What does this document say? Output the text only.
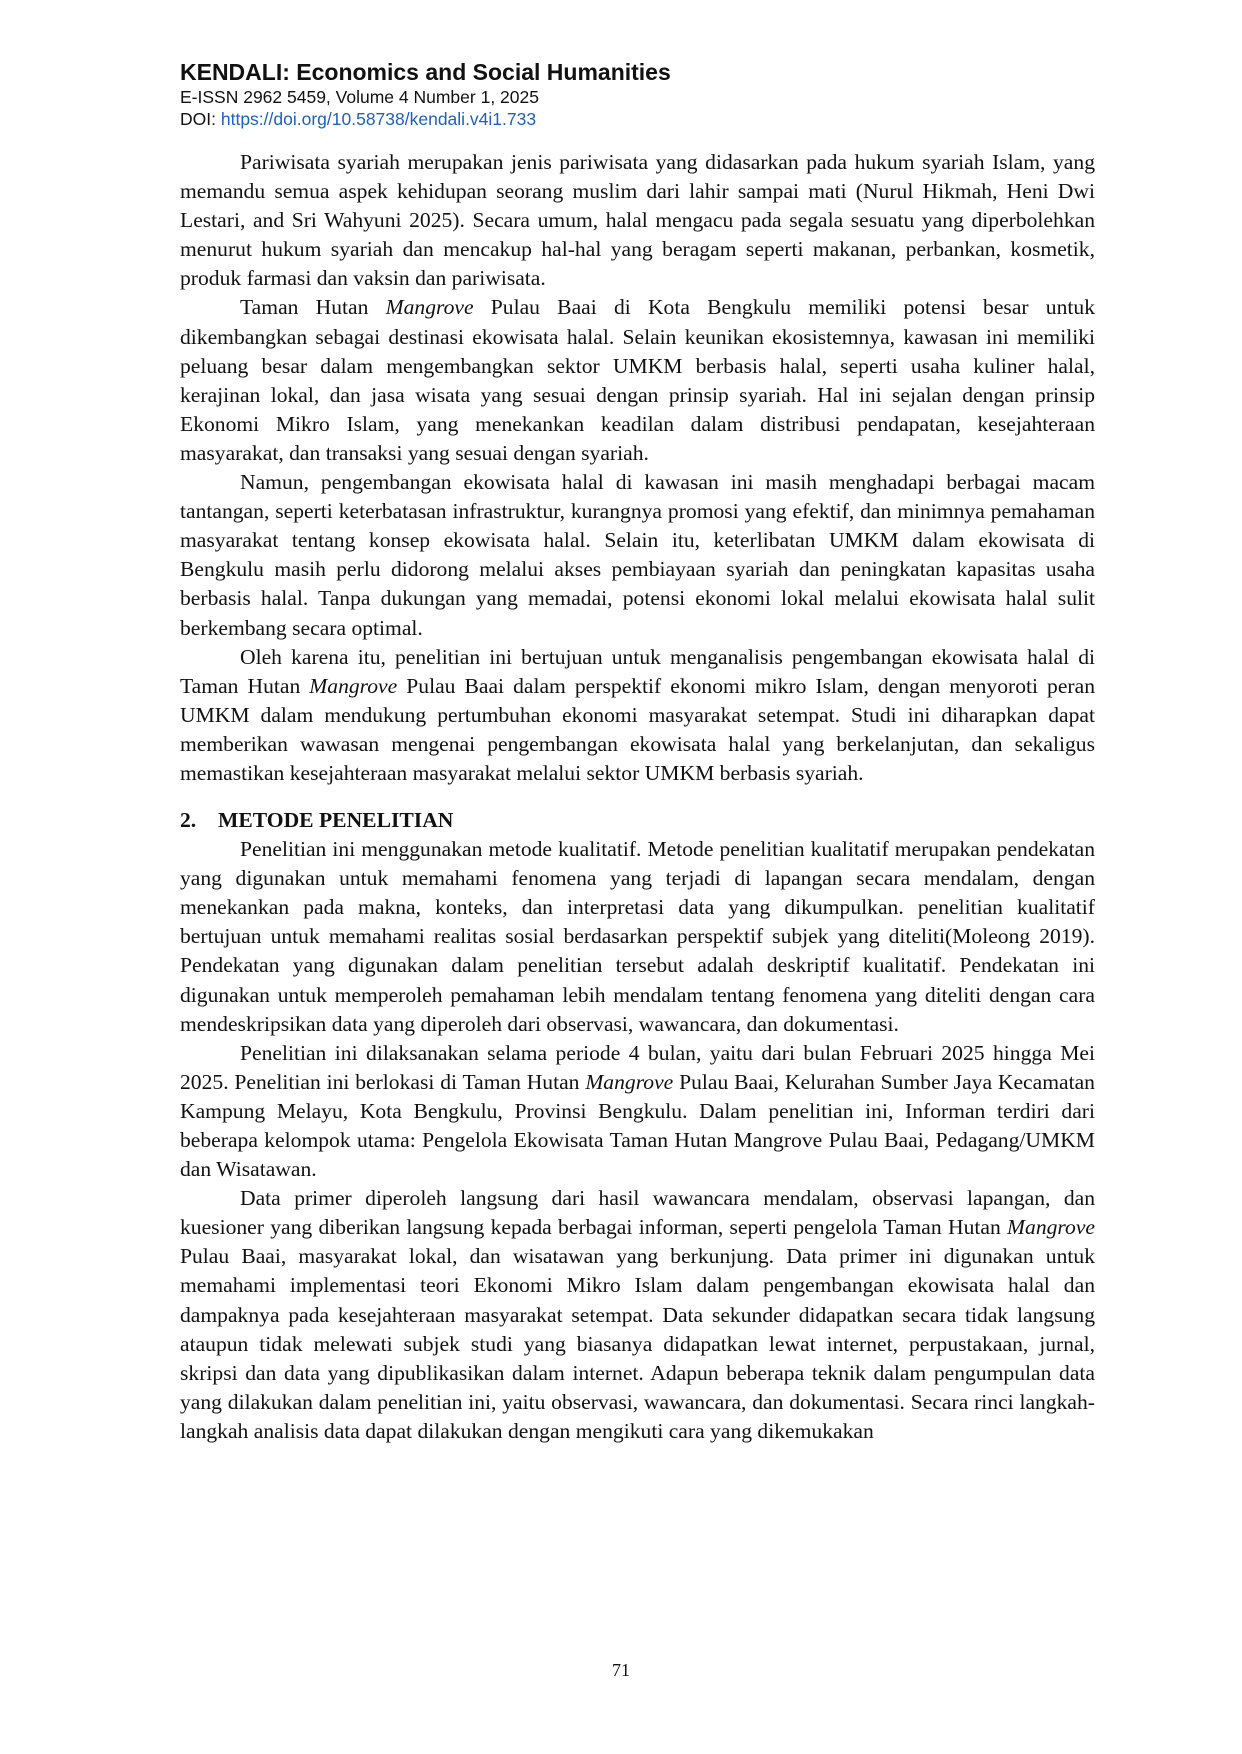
KENDALI: Economics and Social Humanities
E-ISSN 2962 5459, Volume 4 Number 1, 2025
DOI: https://doi.org/10.58738/kendali.v4i1.733

Pariwisata syariah merupakan jenis pariwisata yang didasarkan pada hukum syariah Islam, yang memandu semua aspek kehidupan seorang muslim dari lahir sampai mati (Nurul Hikmah, Heni Dwi Lestari, and Sri Wahyuni 2025). Secara umum, halal mengacu pada segala sesuatu yang diperbolehkan menurut hukum syariah dan mencakup hal-hal yang beragam seperti makanan, perbankan, kosmetik, produk farmasi dan vaksin dan pariwisata.

Taman Hutan Mangrove Pulau Baai di Kota Bengkulu memiliki potensi besar untuk dikembangkan sebagai destinasi ekowisata halal. Selain keunikan ekosistemnya, kawasan ini memiliki peluang besar dalam mengembangkan sektor UMKM berbasis halal, seperti usaha kuliner halal, kerajinan lokal, dan jasa wisata yang sesuai dengan prinsip syariah. Hal ini sejalan dengan prinsip Ekonomi Mikro Islam, yang menekankan keadilan dalam distribusi pendapatan, kesejahteraan masyarakat, dan transaksi yang sesuai dengan syariah.

Namun, pengembangan ekowisata halal di kawasan ini masih menghadapi berbagai macam tantangan, seperti keterbatasan infrastruktur, kurangnya promosi yang efektif, dan minimnya pemahaman masyarakat tentang konsep ekowisata halal. Selain itu, keterlibatan UMKM dalam ekowisata di Bengkulu masih perlu didorong melalui akses pembiayaan syariah dan peningkatan kapasitas usaha berbasis halal. Tanpa dukungan yang memadai, potensi ekonomi lokal melalui ekowisata halal sulit berkembang secara optimal.

Oleh karena itu, penelitian ini bertujuan untuk menganalisis pengembangan ekowisata halal di Taman Hutan Mangrove Pulau Baai dalam perspektif ekonomi mikro Islam, dengan menyoroti peran UMKM dalam mendukung pertumbuhan ekonomi masyarakat setempat. Studi ini diharapkan dapat memberikan wawasan mengenai pengembangan ekowisata halal yang berkelanjutan, dan sekaligus memastikan kesejahteraan masyarakat melalui sektor UMKM berbasis syariah.

2. METODE PENELITIAN

Penelitian ini menggunakan metode kualitatif. Metode penelitian kualitatif merupakan pendekatan yang digunakan untuk memahami fenomena yang terjadi di lapangan secara mendalam, dengan menekankan pada makna, konteks, dan interpretasi data yang dikumpulkan. penelitian kualitatif bertujuan untuk memahami realitas sosial berdasarkan perspektif subjek yang diteliti(Moleong 2019). Pendekatan yang digunakan dalam penelitian tersebut adalah deskriptif kualitatif. Pendekatan ini digunakan untuk memperoleh pemahaman lebih mendalam tentang fenomena yang diteliti dengan cara mendeskripsikan data yang diperoleh dari observasi, wawancara, dan dokumentasi.

Penelitian ini dilaksanakan selama periode 4 bulan, yaitu dari bulan Februari 2025 hingga Mei 2025. Penelitian ini berlokasi di Taman Hutan Mangrove Pulau Baai, Kelurahan Sumber Jaya Kecamatan Kampung Melayu, Kota Bengkulu, Provinsi Bengkulu. Dalam penelitian ini, Informan terdiri dari beberapa kelompok utama: Pengelola Ekowisata Taman Hutan Mangrove Pulau Baai, Pedagang/UMKM dan Wisatawan.

Data primer diperoleh langsung dari hasil wawancara mendalam, observasi lapangan, dan kuesioner yang diberikan langsung kepada berbagai informan, seperti pengelola Taman Hutan Mangrove Pulau Baai, masyarakat lokal, dan wisatawan yang berkunjung. Data primer ini digunakan untuk memahami implementasi teori Ekonomi Mikro Islam dalam pengembangan ekowisata halal dan dampaknya pada kesejahteraan masyarakat setempat. Data sekunder didapatkan secara tidak langsung ataupun tidak melewati subjek studi yang biasanya didapatkan lewat internet, perpustakaan, jurnal, skripsi dan data yang dipublikasikan dalam internet. Adapun beberapa teknik dalam pengumpulan data yang dilakukan dalam penelitian ini, yaitu observasi, wawancara, dan dokumentasi. Secara rinci langkah-langkah analisis data dapat dilakukan dengan mengikuti cara yang dikemukakan

71
